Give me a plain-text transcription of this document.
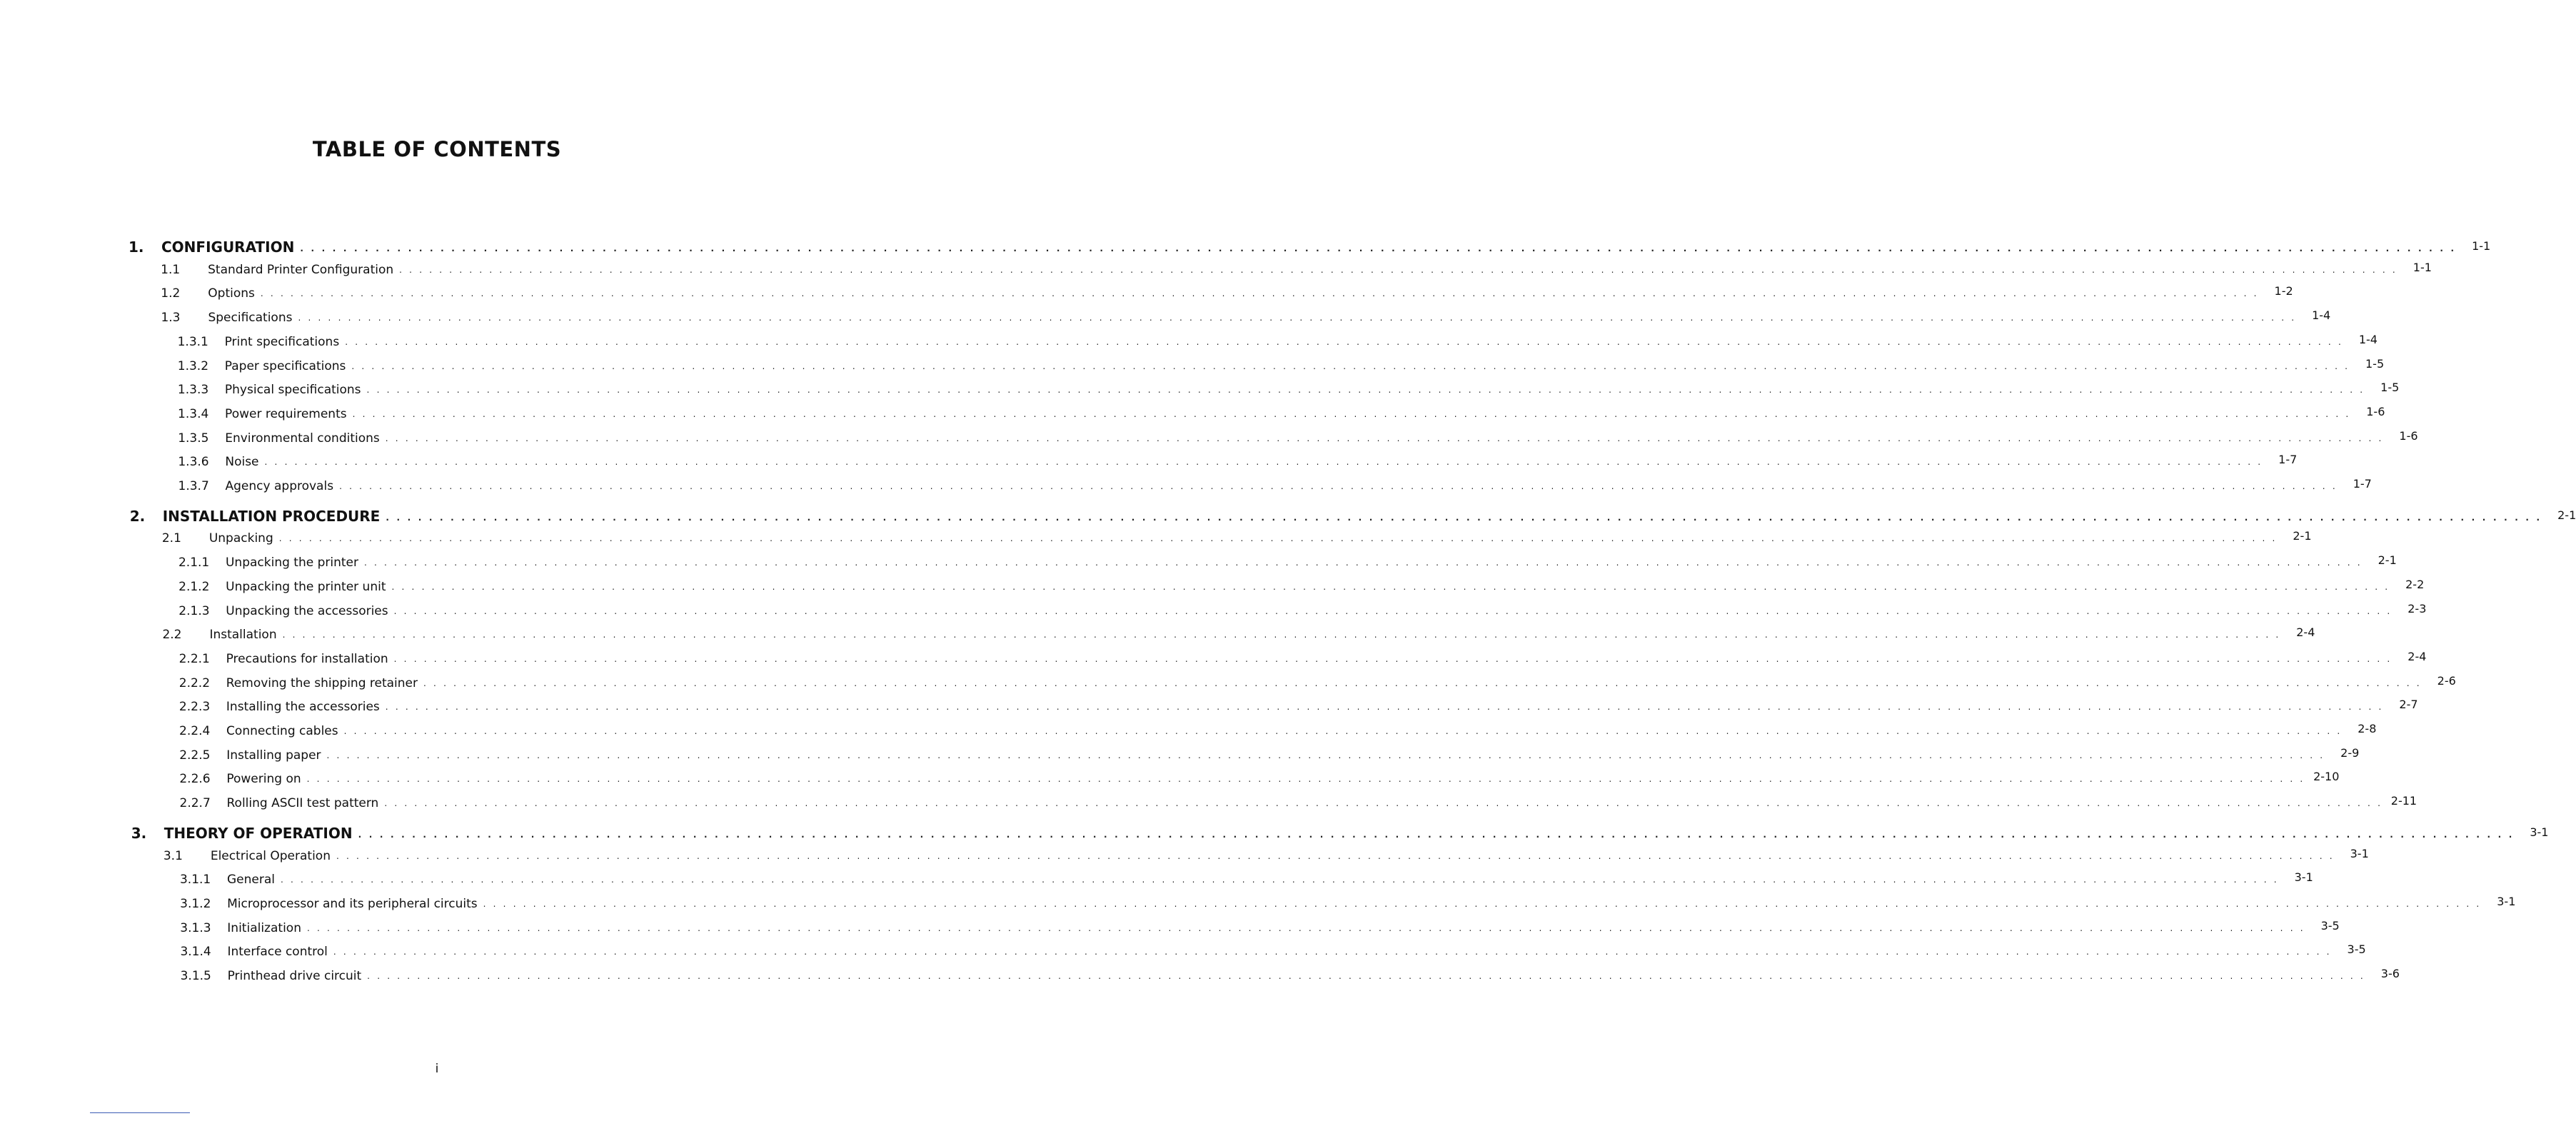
TABLE OF CONTENTS
1.	CONFIGURATION . . . . . . . . . . . . . . . . . . . . . . . . . . . . . . . . . . . . . . . . . . . . . . . . . . . . . . . . . . . . . . . . . . . . . . . . . . . . . . . . . . . . . . . . . . . . . . . . . . . . . . . . . . . . . . . . . . . . . . . . . . . . . . . . . . . . . . . . . . . . . . . . . . . . . . . . . . . . . . . . . . . . . . . . . . . . . . . . . . . . . . . . . . . . . . . . . . . . . . . .	1-1
1.1	Standard Printer Configuration . . . . . . . . . . . . . . . . . . . . . . . . . . . . . . . . . . . . . . . . . . . . . . . . . . . . . . . . . . . . . . . . . . . . . . . . . . . . . . . . . . . . . . . . . . . . . . . . . . . . . . . . . . . . . . . . . . . . . . . . . . . . . . . . . . . . . . . . . . . . . . . . . . . . . . . . . . . . . . . . . . . . . . . . . . . . . . . . . . . . . . . . . . . . . . . . . . . . . . . .	1-1
1.2	Options . . . . . . . . . . . . . . . . . . . . . . . . . . . . . . . . . . . . . . . . . . . . . . . . . . . . . . . . . . . . . . . . . . . . . . . . . . . . . . . . . . . . . . . . . . . . . . . . . . . . . . . . . . . . . . . . . . . . . . . . . . . . . . . . . . . . . . . . . . . . . . . . . . . . . . . . . . . . . . . . . . . . . . . . . . . . . . . . . . . . . . . . . . . . . . . . . . . . . . . .	1-2
1.3	Specifications . . . . . . . . . . . . . . . . . . . . . . . . . . . . . . . . . . . . . . . . . . . . . . . . . . . . . . . . . . . . . . . . . . . . . . . . . . . . . . . . . . . . . . . . . . . . . . . . . . . . . . . . . . . . . . . . . . . . . . . . . . . . . . . . . . . . . . . . . . . . . . . . . . . . . . . . . . . . . . . . . . . . . . . . . . . . . . . . . . . . . . . . . . . . . . . . . . . . . . . .	1-4
1.3.1	Print specifications . . . . . . . . . . . . . . . . . . . . . . . . . . . . . . . . . . . . . . . . . . . . . . . . . . . . . . . . . . . . . . . . . . . . . . . . . . . . . . . . . . . . . . . . . . . . . . . . . . . . . . . . . . . . . . . . . . . . . . . . . . . . . . . . . . . . . . . . . . . . . . . . . . . . . . . . . . . . . . . . . . . . . . . . . . . . . . . . . . . . . . . . . . . . . . . . . . . . . . . .	1-4
1.3.2	Paper specifications . . . . . . . . . . . . . . . . . . . . . . . . . . . . . . . . . . . . . . . . . . . . . . . . . . . . . . . . . . . . . . . . . . . . . . . . . . . . . . . . . . . . . . . . . . . . . . . . . . . . . . . . . . . . . . . . . . . . . . . . . . . . . . . . . . . . . . . . . . . . . . . . . . . . . . . . . . . . . . . . . . . . . . . . . . . . . . . . . . . . . . . . . . . . . . . . . . . . . . . .	1-5
1.3.3	Physical specifications . . . . . . . . . . . . . . . . . . . . . . . . . . . . . . . . . . . . . . . . . . . . . . . . . . . . . . . . . . . . . . . . . . . . . . . . . . . . . . . . . . . . . . . . . . . . . . . . . . . . . . . . . . . . . . . . . . . . . . . . . . . . . . . . . . . . . . . . . . . . . . . . . . . . . . . . . . . . . . . . . . . . . . . . . . . . . . . . . . . . . . . . . . . . . . . . . . . . . . . .	1-5
1.3.4	Power requirements . . . . . . . . . . . . . . . . . . . . . . . . . . . . . . . . . . . . . . . . . . . . . . . . . . . . . . . . . . . . . . . . . . . . . . . . . . . . . . . . . . . . . . . . . . . . . . . . . . . . . . . . . . . . . . . . . . . . . . . . . . . . . . . . . . . . . . . . . . . . . . . . . . . . . . . . . . . . . . . . . . . . . . . . . . . . . . . . . . . . . . . . . . . . . . . . . . . . . . . .	1-6
1.3.5	Environmental conditions . . . . . . . . . . . . . . . . . . . . . . . . . . . . . . . . . . . . . . . . . . . . . . . . . . . . . . . . . . . . . . . . . . . . . . . . . . . . . . . . . . . . . . . . . . . . . . . . . . . . . . . . . . . . . . . . . . . . . . . . . . . . . . . . . . . . . . . . . . . . . . . . . . . . . . . . . . . . . . . . . . . . . . . . . . . . . . . . . . . . . . . . . . . . . . . . . . . . . . . .	1-6
1.3.6	Noise . . . . . . . . . . . . . . . . . . . . . . . . . . . . . . . . . . . . . . . . . . . . . . . . . . . . . . . . . . . . . . . . . . . . . . . . . . . . . . . . . . . . . . . . . . . . . . . . . . . . . . . . . . . . . . . . . . . . . . . . . . . . . . . . . . . . . . . . . . . . . . . . . . . . . . . . . . . . . . . . . . . . . . . . . . . . . . . . . . . . . . . . . . . . . . . . . . . . . . . .	1-7
1.3.7	Agency approvals . . . . . . . . . . . . . . . . . . . . . . . . . . . . . . . . . . . . . . . . . . . . . . . . . . . . . . . . . . . . . . . . . . . . . . . . . . . . . . . . . . . . . . . . . . . . . . . . . . . . . . . . . . . . . . . . . . . . . . . . . . . . . . . . . . . . . . . . . . . . . . . . . . . . . . . . . . . . . . . . . . . . . . . . . . . . . . . . . . . . . . . . . . . . . . . . . . . . . . . .	1-7
2.	INSTALLATION PROCEDURE . . . . . . . . . . . . . . . . . . . . . . . . . . . . . . . . . . . . . . . . . . . . . . . . . . . . . . . . . . . . . . . . . . . . . . . . . . . . . . . . . . . . . . . . . . . . . . . . . . . . . . . . . . . . . . . . . . . . . . . . . . . . . . . . . . . . . . . . . . . . . . . . . . . . . . . . . . . . . . . . . . . . . . . . . . . . . . . . . . . . . . . . . . . . . . . . . . . . . . . .	2-1
2.1	Unpacking . . . . . . . . . . . . . . . . . . . . . . . . . . . . . . . . . . . . . . . . . . . . . . . . . . . . . . . . . . . . . . . . . . . . . . . . . . . . . . . . . . . . . . . . . . . . . . . . . . . . . . . . . . . . . . . . . . . . . . . . . . . . . . . . . . . . . . . . . . . . . . . . . . . . . . . . . . . . . . . . . . . . . . . . . . . . . . . . . . . . . . . . . . . . . . . . . . . . . . . .	2-1
2.1.1	Unpacking the printer . . . . . . . . . . . . . . . . . . . . . . . . . . . . . . . . . . . . . . . . . . . . . . . . . . . . . . . . . . . . . . . . . . . . . . . . . . . . . . . . . . . . . . . . . . . . . . . . . . . . . . . . . . . . . . . . . . . . . . . . . . . . . . . . . . . . . . . . . . . . . . . . . . . . . . . . . . . . . . . . . . . . . . . . . . . . . . . . . . . . . . . . . . . . . . . . . . . . . . . .	2-1
2.1.2	Unpacking the printer unit . . . . . . . . . . . . . . . . . . . . . . . . . . . . . . . . . . . . . . . . . . . . . . . . . . . . . . . . . . . . . . . . . . . . . . . . . . . . . . . . . . . . . . . . . . . . . . . . . . . . . . . . . . . . . . . . . . . . . . . . . . . . . . . . . . . . . . . . . . . . . . . . . . . . . . . . . . . . . . . . . . . . . . . . . . . . . . . . . . . . . . . . . . . . . . . . . . . . . . . .	2-2
2.1.3	Unpacking the accessories . . . . . . . . . . . . . . . . . . . . . . . . . . . . . . . . . . . . . . . . . . . . . . . . . . . . . . . . . . . . . . . . . . . . . . . . . . . . . . . . . . . . . . . . . . . . . . . . . . . . . . . . . . . . . . . . . . . . . . . . . . . . . . . . . . . . . . . . . . . . . . . . . . . . . . . . . . . . . . . . . . . . . . . . . . . . . . . . . . . . . . . . . . . . . . . . . . . . . . . .	2-3
2.2	Installation . . . . . . . . . . . . . . . . . . . . . . . . . . . . . . . . . . . . . . . . . . . . . . . . . . . . . . . . . . . . . . . . . . . . . . . . . . . . . . . . . . . . . . . . . . . . . . . . . . . . . . . . . . . . . . . . . . . . . . . . . . . . . . . . . . . . . . . . . . . . . . . . . . . . . . . . . . . . . . . . . . . . . . . . . . . . . . . . . . . . . . . . . . . . . . . . . . . . . . . .	2-4
2.2.1	Precautions for installation . . . . . . . . . . . . . . . . . . . . . . . . . . . . . . . . . . . . . . . . . . . . . . . . . . . . . . . . . . . . . . . . . . . . . . . . . . . . . . . . . . . . . . . . . . . . . . . . . . . . . . . . . . . . . . . . . . . . . . . . . . . . . . . . . . . . . . . . . . . . . . . . . . . . . . . . . . . . . . . . . . . . . . . . . . . . . . . . . . . . . . . . . . . . . . . . . . . . . . . .	2-4
2.2.2	Removing the shipping retainer . . . . . . . . . . . . . . . . . . . . . . . . . . . . . . . . . . . . . . . . . . . . . . . . . . . . . . . . . . . . . . . . . . . . . . . . . . . . . . . . . . . . . . . . . . . . . . . . . . . . . . . . . . . . . . . . . . . . . . . . . . . . . . . . . . . . . . . . . . . . . . . . . . . . . . . . . . . . . . . . . . . . . . . . . . . . . . . . . . . . . . . . . . . . . . . . . . . . . . . .	2-6
2.2.3	Installing the accessories . . . . . . . . . . . . . . . . . . . . . . . . . . . . . . . . . . . . . . . . . . . . . . . . . . . . . . . . . . . . . . . . . . . . . . . . . . . . . . . . . . . . . . . . . . . . . . . . . . . . . . . . . . . . . . . . . . . . . . . . . . . . . . . . . . . . . . . . . . . . . . . . . . . . . . . . . . . . . . . . . . . . . . . . . . . . . . . . . . . . . . . . . . . . . . . . . . . . . . . .	2-7
2.2.4	Connecting cables . . . . . . . . . . . . . . . . . . . . . . . . . . . . . . . . . . . . . . . . . . . . . . . . . . . . . . . . . . . . . . . . . . . . . . . . . . . . . . . . . . . . . . . . . . . . . . . . . . . . . . . . . . . . . . . . . . . . . . . . . . . . . . . . . . . . . . . . . . . . . . . . . . . . . . . . . . . . . . . . . . . . . . . . . . . . . . . . . . . . . . . . . . . . . . . . . . . . . . . .	2-8
2.2.5	Installing paper . . . . . . . . . . . . . . . . . . . . . . . . . . . . . . . . . . . . . . . . . . . . . . . . . . . . . . . . . . . . . . . . . . . . . . . . . . . . . . . . . . . . . . . . . . . . . . . . . . . . . . . . . . . . . . . . . . . . . . . . . . . . . . . . . . . . . . . . . . . . . . . . . . . . . . . . . . . . . . . . . . . . . . . . . . . . . . . . . . . . . . . . . . . . . . . . . . . . . . . .	2-9
2.2.6	Powering on . . . . . . . . . . . . . . . . . . . . . . . . . . . . . . . . . . . . . . . . . . . . . . . . . . . . . . . . . . . . . . . . . . . . . . . . . . . . . . . . . . . . . . . . . . . . . . . . . . . . . . . . . . . . . . . . . . . . . . . . . . . . . . . . . . . . . . . . . . . . . . . . . . . . . . . . . . . . . . . . . . . . . . . . . . . . . . . . . . . . . . . . . . . . . . . . . . . . . . . . 2-10
2.2.7	Rolling ASCII test pattern . . . . . . . . . . . . . . . . . . . . . . . . . . . . . . . . . . . . . . . . . . . . . . . . . . . . . . . . . . . . . . . . . . . . . . . . . . . . . . . . . . . . . . . . . . . . . . . . . . . . . . . . . . . . . . . . . . . . . . . . . . . . . . . . . . . . . . . . . . . . . . . . . . . . . . . . . . . . . . . . . . . . . . . . . . . . . . . . . . . . . . . . . . . . . . . . . . . . . . . . 2-11
3.	THEORY OF OPERATION . . . . . . . . . . . . . . . . . . . . . . . . . . . . . . . . . . . . . . . . . . . . . . . . . . . . . . . . . . . . . . . . . . . . . . . . . . . . . . . . . . . . . . . . . . . . . . . . . . . . . . . . . . . . . . . . . . . . . . . . . . . . . . . . . . . . . . . . . . . . . . . . . . . . . . . . . . . . . . . . . . . . . . . . . . . . . . . . . . . . . . . . . . . . . . . . . . . . . . . .	3-1
3.1	Electrical Operation . . . . . . . . . . . . . . . . . . . . . . . . . . . . . . . . . . . . . . . . . . . . . . . . . . . . . . . . . . . . . . . . . . . . . . . . . . . . . . . . . . . . . . . . . . . . . . . . . . . . . . . . . . . . . . . . . . . . . . . . . . . . . . . . . . . . . . . . . . . . . . . . . . . . . . . . . . . . . . . . . . . . . . . . . . . . . . . . . . . . . . . . . . . . . . . . . . . . . . . .	3-1
3.1.1	General . . . . . . . . . . . . . . . . . . . . . . . . . . . . . . . . . . . . . . . . . . . . . . . . . . . . . . . . . . . . . . . . . . . . . . . . . . . . . . . . . . . . . . . . . . . . . . . . . . . . . . . . . . . . . . . . . . . . . . . . . . . . . . . . . . . . . . . . . . . . . . . . . . . . . . . . . . . . . . . . . . . . . . . . . . . . . . . . . . . . . . . . . . . . . . . . . . . . . . . .	3-1
3.1.2	Microprocessor and its peripheral circuits . . . . . . . . . . . . . . . . . . . . . . . . . . . . . . . . . . . . . . . . . . . . . . . . . . . . . . . . . . . . . . . . . . . . . . . . . . . . . . . . . . . . . . . . . . . . . . . . . . . . . . . . . . . . . . . . . . . . . . . . . . . . . . . . . . . . . . . . . . . . . . . . . . . . . . . . . . . . . . . . . . . . . . . . . . . . . . . . . . . . . . . . . . . . . . . . . . . . . . . .	3-1
3.1.3	Initialization . . . . . . . . . . . . . . . . . . . . . . . . . . . . . . . . . . . . . . . . . . . . . . . . . . . . . . . . . . . . . . . . . . . . . . . . . . . . . . . . . . . . . . . . . . . . . . . . . . . . . . . . . . . . . . . . . . . . . . . . . . . . . . . . . . . . . . . . . . . . . . . . . . . . . . . . . . . . . . . . . . . . . . . . . . . . . . . . . . . . . . . . . . . . . . . . . . . . . . . .	3-5
3.1.4	Interface control . . . . . . . . . . . . . . . . . . . . . . . . . . . . . . . . . . . . . . . . . . . . . . . . . . . . . . . . . . . . . . . . . . . . . . . . . . . . . . . . . . . . . . . . . . . . . . . . . . . . . . . . . . . . . . . . . . . . . . . . . . . . . . . . . . . . . . . . . . . . . . . . . . . . . . . . . . . . . . . . . . . . . . . . . . . . . . . . . . . . . . . . . . . . . . . . . . . . . . . .	3-5
3.1.5	Printhead drive circuit . . . . . . . . . . . . . . . . . . . . . . . . . . . . . . . . . . . . . . . . . . . . . . . . . . . . . . . . . . . . . . . . . . . . . . . . . . . . . . . . . . . . . . . . . . . . . . . . . . . . . . . . . . . . . . . . . . . . . . . . . . . . . . . . . . . . . . . . . . . . . . . . . . . . . . . . . . . . . . . . . . . . . . . . . . . . . . . . . . . . . . . . . . . . . . . . . . . . . . . .	3-6
i
